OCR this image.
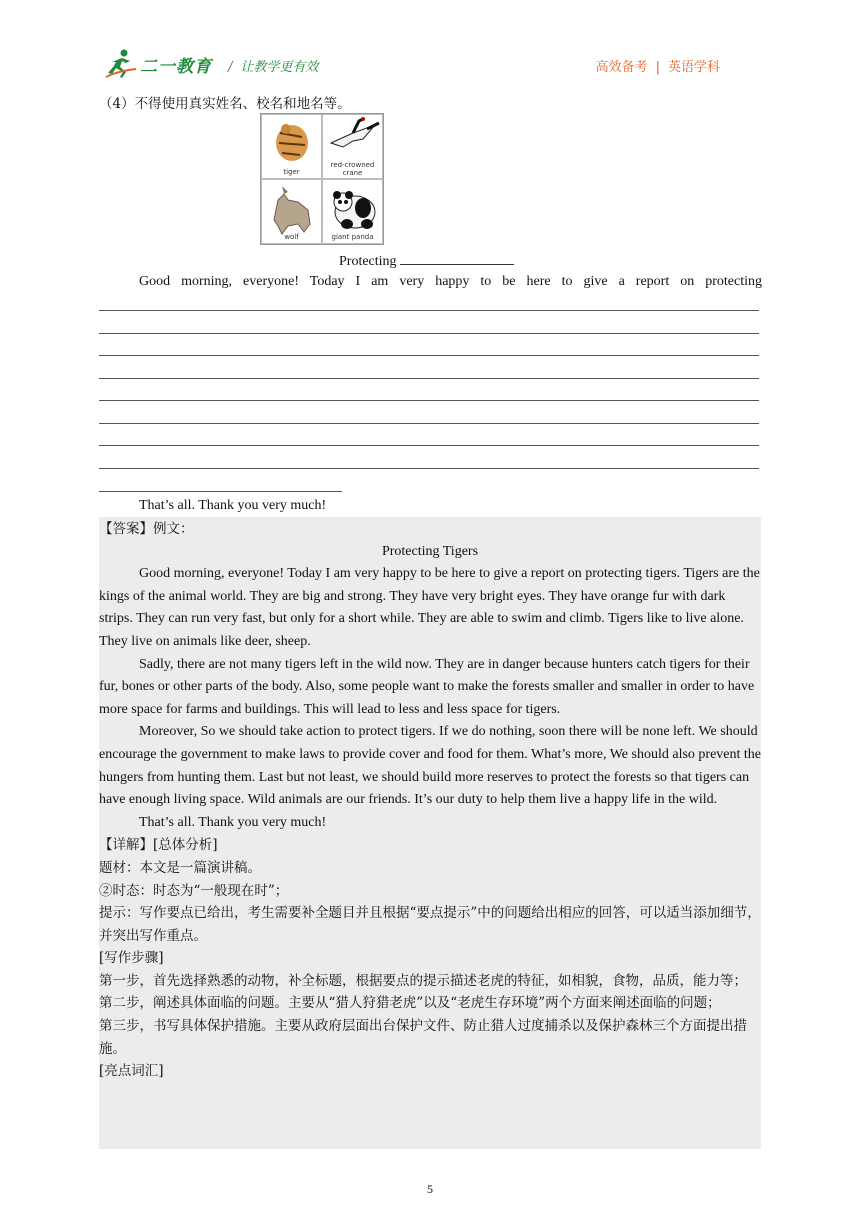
二一教育 / 让教学更有效	高效备考 | 英语学科
（4）不得使用真实姓名、校名和地名等。
tiger
red-crowned
crane
wolf	giant panda
Protecting
Good morning, everyone! Today I am very happy to be here to give a report on protecting
That’s all. Thank you very much!

【答案】例文：

Protecting Tigers

Good morning, everyone! Today I am very happy to be here to give a report on protecting tigers. Tigers are the kings of the animal world. They are big and strong. They have very bright eyes. They have orange fur with dark strips. They can run very fast, but only for a short while. They are able to swim and climb. Tigers like to live alone. They live on animals like deer, sheep.

Sadly, there are not many tigers left in the wild now. They are in danger because hunters catch tigers for their fur, bones or other parts of the body. Also, some people want to make the forests smaller and smaller in order to have more space for farms and buildings. This will lead to less and less space for tigers.

Moreover, So we should take action to protect tigers. If we do nothing, soon there will be none left. We should encourage the government to make laws to provide cover and food for them. What’s more, We should also prevent the hungers from hunting them. Last but not least, we should build more reserves to protect the forests so that tigers can have enough living space. Wild animals are our friends. It’s our duty to help them live a happy life in the wild.

That’s all. Thank you very much!

【详解】[总体分析]

题材：本文是一篇演讲稿。

②时态：时态为“一般现在时”；

提示：写作要点已给出，考生需要补全题目并且根据“要点提示”中的问题给出相应的回答，可以适当添加细节，并突出写作重点。

[写作步骤]

第一步，首先选择熟悉的动物，补全标题，根据要点的提示描述老虎的特征，如相貌，食物，品质，能力等；

第二步，阐述具体面临的问题。主要从“猎人狩猎老虎”以及“老虎生存环境”两个方面来阐述面临的问题；

第三步，书写具体保护措施。主要从政府层面出台保护文件、防止猎人过度捕杀以及保护森林三个方面提出措施。

[亮点词汇]

5
